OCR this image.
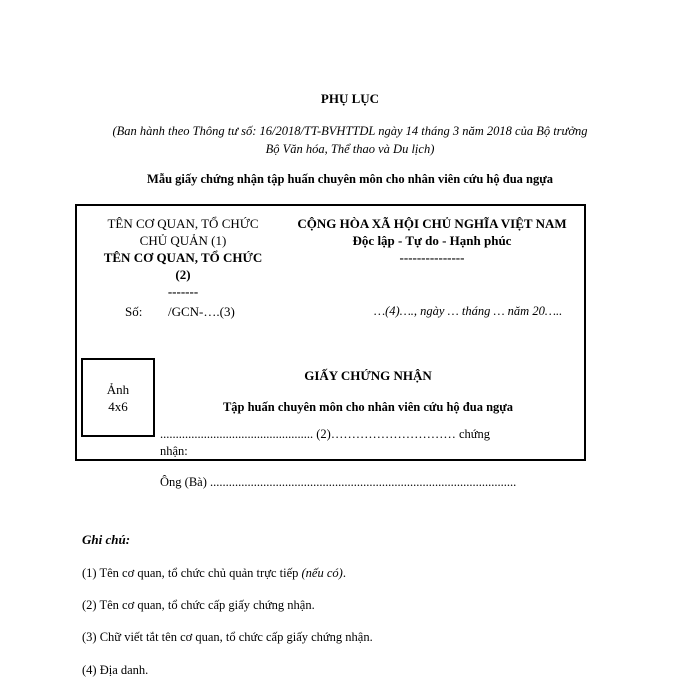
PHỤ LỤC
(Ban hành theo Thông tư số: 16/2018/TT-BVHTTDL ngày 14 tháng 3 năm 2018 của Bộ trưởng
Bộ Văn hóa, Thể thao và Du lịch)
Mẫu giấy chứng nhận tập huấn chuyên môn cho nhân viên cứu hộ đua ngựa
TÊN CƠ QUAN, TỔ CHỨC
CHỦ QUẢN (1)
TÊN CƠ QUAN, TỔ CHỨC
(2)
-------
CỘNG HÒA XÃ HỘI CHỦ NGHĨA VIỆT NAM
Độc lập - Tự do - Hạnh phúc
---------------
Số: /GCN-….(3)	…(4)…., ngày … tháng … năm 20…..
Ảnh
4x6
GIẤY CHỨNG NHẬN
Tập huấn chuyên môn cho nhân viên cứu hộ đua ngựa
................................................. (2)………………………… chứng
nhận:
Ông (Bà) ..................................................................................................
Ghi chú:
(1) Tên cơ quan, tổ chức chủ quản trực tiếp (nếu có).
(2) Tên cơ quan, tổ chức cấp giấy chứng nhận.
(3) Chữ viết tắt tên cơ quan, tổ chức cấp giấy chứng nhận.
(4) Địa danh.
